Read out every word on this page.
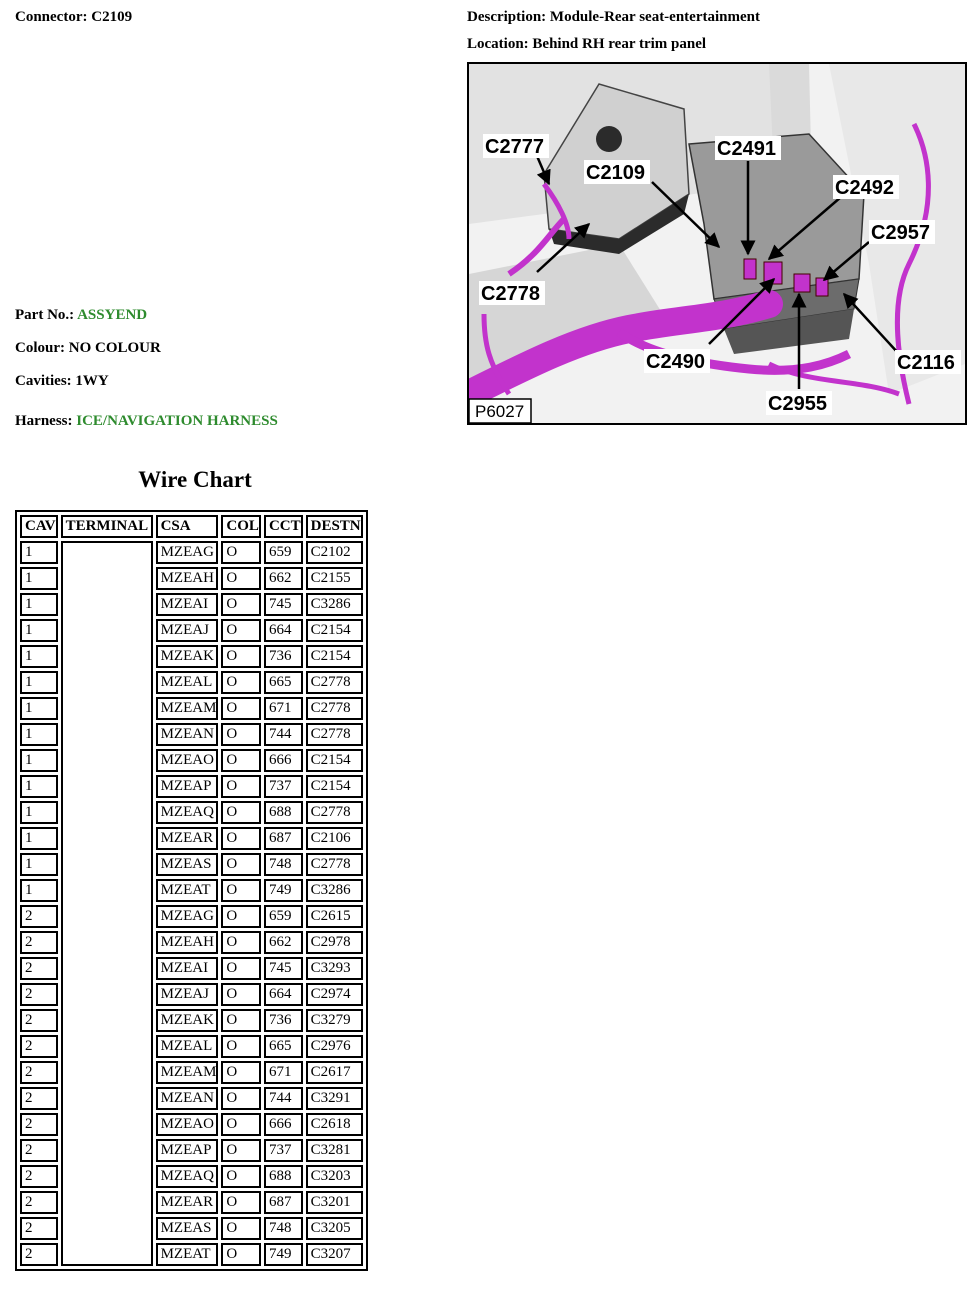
Connector: C2109	Description: Module-Rear seat-entertainment
Location: Behind RH rear trim panel
Part No.: ASSYEND
Colour: NO COLOUR
Cavities: 1WY
Harness: ICE/NAVIGATION HARNESS
C2777
C2109
C2491
C2492
C2957
C2778
C2490
C2955
C2116
P6027
Wire Chart
CAV	TERMINAL	CSA	COL	CCT	DESTN
1		MZEAG	O	659	C2102
1		MZEAH	O	662	C2155
1		MZEAI	O	745	C3286
1		MZEAJ	O	664	C2154
1		MZEAK	O	736	C2154
1		MZEAL	O	665	C2778
1		MZEAM	O	671	C2778
1		MZEAN	O	744	C2778
1		MZEAO	O	666	C2154
1		MZEAP	O	737	C2154
1		MZEAQ	O	688	C2778
1		MZEAR	O	687	C2106
1		MZEAS	O	748	C2778
1		MZEAT	O	749	C3286
2		MZEAG	O	659	C2615
2		MZEAH	O	662	C2978
2		MZEAI	O	745	C3293
2		MZEAJ	O	664	C2974
2		MZEAK	O	736	C3279
2		MZEAL	O	665	C2976
2		MZEAM	O	671	C2617
2		MZEAN	O	744	C3291
2		MZEAO	O	666	C2618
2		MZEAP	O	737	C3281
2		MZEAQ	O	688	C3203
2		MZEAR	O	687	C3201
2		MZEAS	O	748	C3205
2		MZEAT	O	749	C3207
